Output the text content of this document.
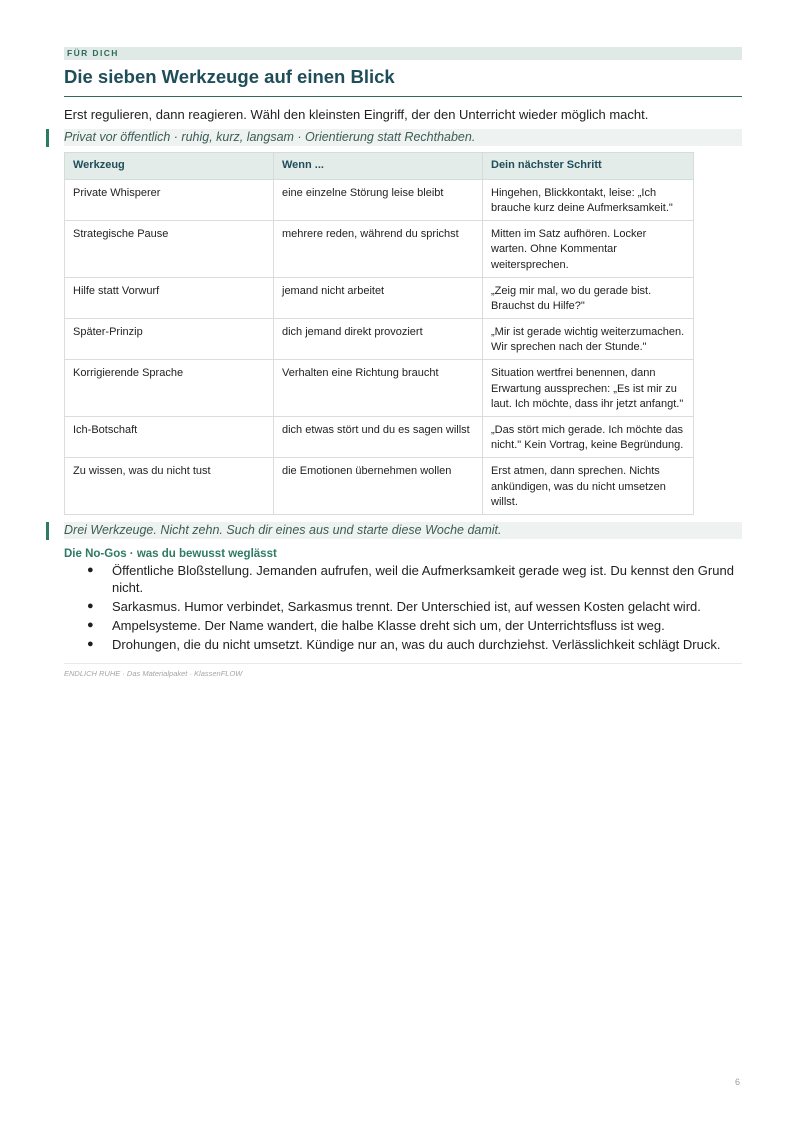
FÜR DICH
Die sieben Werkzeuge auf einen Blick
Erst regulieren, dann reagieren. Wähl den kleinsten Eingriff, der den Unterricht wieder möglich macht.
Privat vor öffentlich · ruhig, kurz, langsam · Orientierung statt Rechthaben.
Werkzeug	Wenn ...	Dein nächster Schritt
Private Whisperer	eine einzelne Störung leise bleibt	Hingehen, Blickkontakt, leise: „Ich brauche kurz deine Aufmerksamkeit."
Strategische Pause	mehrere reden, während du sprichst	Mitten im Satz aufhören. Locker warten. Ohne Kommentar weitersprechen.
Hilfe statt Vorwurf	jemand nicht arbeitet	„Zeig mir mal, wo du gerade bist. Brauchst du Hilfe?"
Später-Prinzip	dich jemand direkt provoziert	„Mir ist gerade wichtig weiterzumachen. Wir sprechen nach der Stunde."
Korrigierende Sprache	Verhalten eine Richtung braucht	Situation wertfrei benennen, dann Erwartung aussprechen: „Es ist mir zu laut. Ich möchte, dass ihr jetzt anfangt."
Ich-Botschaft	dich etwas stört und du es sagen willst	„Das stört mich gerade. Ich möchte das nicht." Kein Vortrag, keine Begründung.
Zu wissen, was du nicht tust	die Emotionen übernehmen wollen	Erst atmen, dann sprechen. Nichts ankündigen, was du nicht umsetzen willst.
Drei Werkzeuge. Nicht zehn. Such dir eines aus und starte diese Woche damit.
Die No-Gos · was du bewusst weglässt
● Öffentliche Bloßstellung. Jemanden aufrufen, weil die Aufmerksamkeit gerade weg ist. Du kennst den Grund nicht.
● Sarkasmus. Humor verbindet, Sarkasmus trennt. Der Unterschied ist, auf wessen Kosten gelacht wird.
● Ampelsysteme. Der Name wandert, die halbe Klasse dreht sich um, der Unterrichtsfluss ist weg.
● Drohungen, die du nicht umsetzt. Kündige nur an, was du auch durchziehst. Verlässlichkeit schlägt Druck.
ENDLICH RUHE · Das Materialpaket · KlassenFLOW
6
